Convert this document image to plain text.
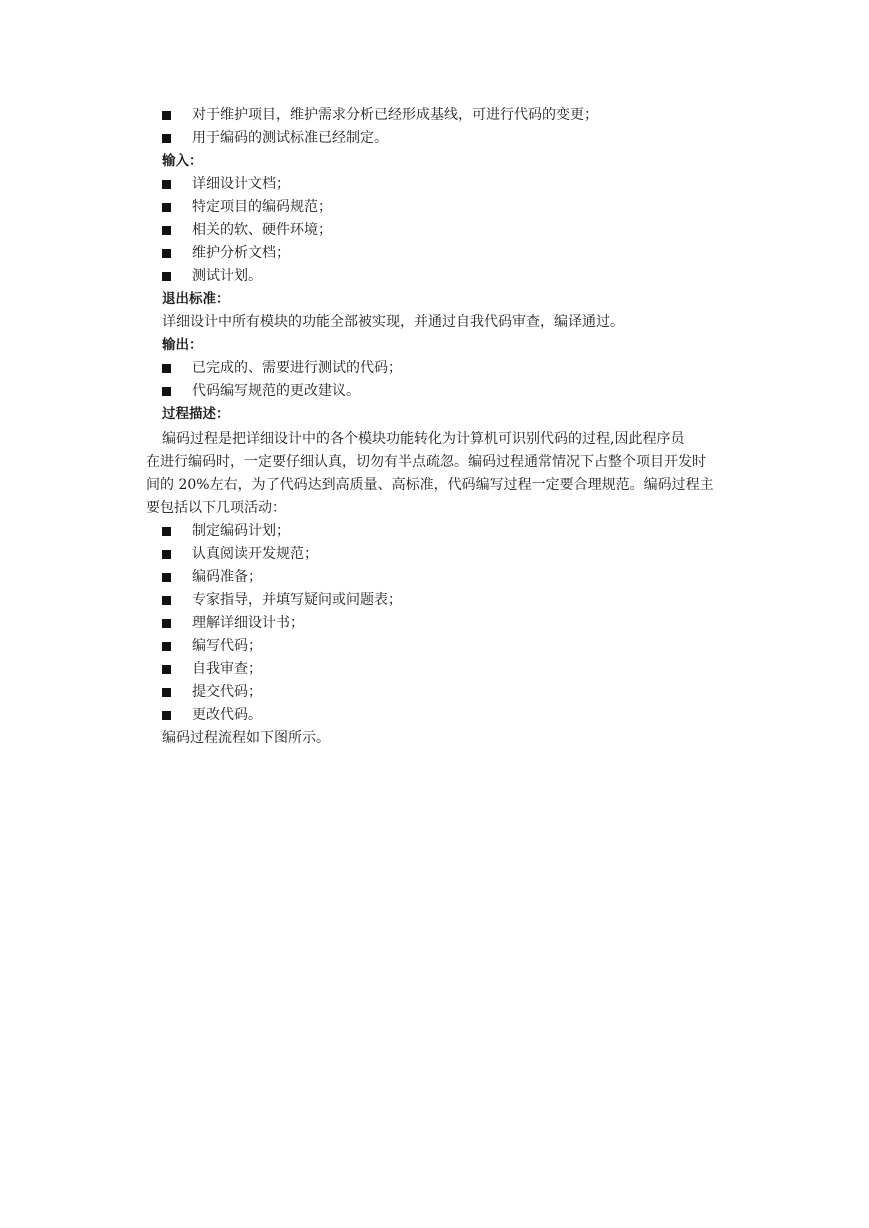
对于维护项目，维护需求分析已经形成基线，可进行代码的变更；
用于编码的测试标准已经制定。
输入：
详细设计文档；
特定项目的编码规范；
相关的软、硬件环境；
维护分析文档；
测试计划。
退出标准：
详细设计中所有模块的功能全部被实现，并通过自我代码审查，编译通过。
输出：
已完成的、需要进行测试的代码；
代码编写规范的更改建议。
过程描述：
编码过程是把详细设计中的各个模块功能转化为计算机可识别代码的过程,因此程序员
在进行编码时，一定要仔细认真，切勿有半点疏忽。编码过程通常情况下占整个项目开发时
间的 20%左右，为了代码达到高质量、高标准，代码编写过程一定要合理规范。编码过程主
要包括以下几项活动：
制定编码计划；
认真阅读开发规范；
编码准备；
专家指导，并填写疑问或问题表；
理解详细设计书；
编写代码；
自我审查；
提交代码；
更改代码。
编码过程流程如下图所示。
